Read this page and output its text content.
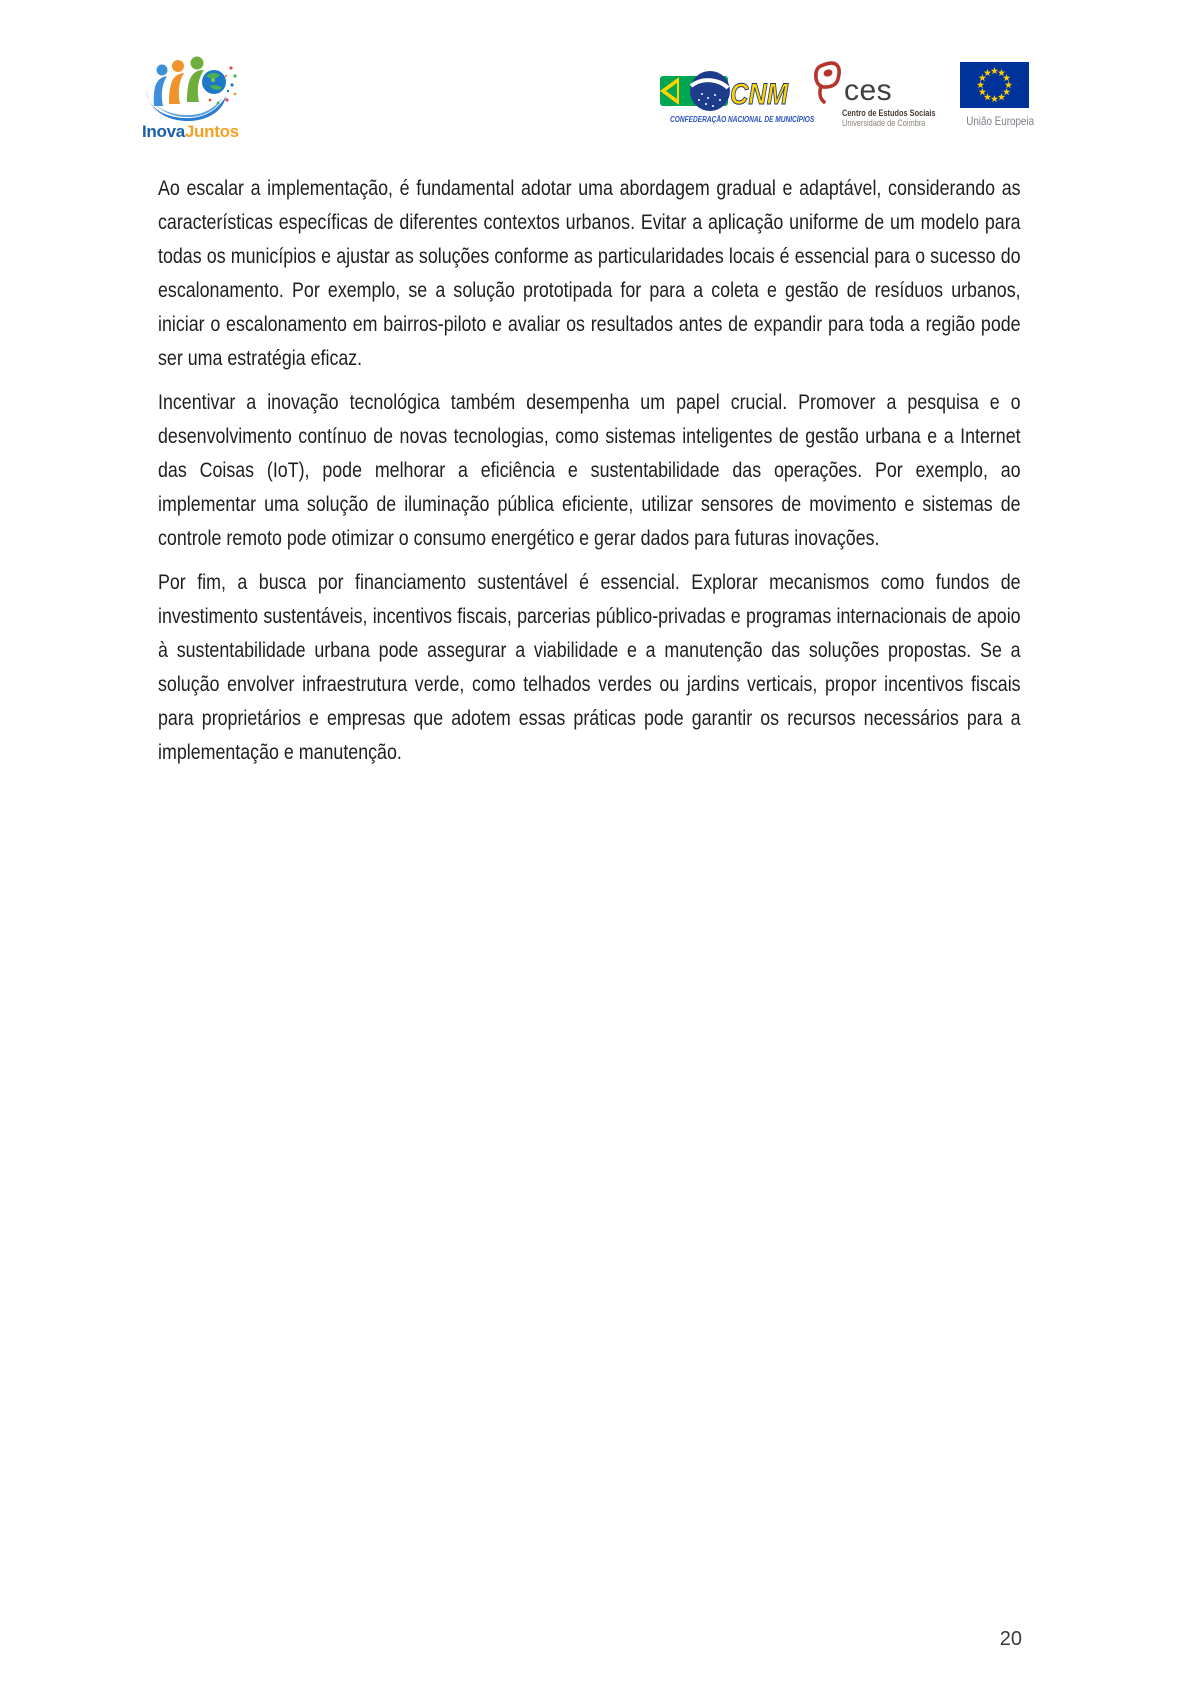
InovaJuntos
CNM
CONFEDERAÇÃO NACIONAL DE MUNICÍPIOS
ces
Centro de Estudos Sociais
Universidade de Coimbra	União Europeia

Ao escalar a implementação, é fundamental adotar uma abordagem gradual e adaptável, considerando as características específicas de diferentes contextos urbanos. Evitar a aplicação uniforme de um modelo para todas os municípios e ajustar as soluções conforme as particularidades locais é essencial para o sucesso do escalonamento. Por exemplo, se a solução prototipada for para a coleta e gestão de resíduos urbanos, iniciar o escalonamento em bairros-piloto e avaliar os resultados antes de expandir para toda a região pode ser uma estratégia eficaz.

Incentivar a inovação tecnológica também desempenha um papel crucial. Promover a pesquisa e o desenvolvimento contínuo de novas tecnologias, como sistemas inteligentes de gestão urbana e a Internet das Coisas (IoT), pode melhorar a eficiência e sustentabilidade das operações. Por exemplo, ao implementar uma solução de iluminação pública eficiente, utilizar sensores de movimento e sistemas de controle remoto pode otimizar o consumo energético e gerar dados para futuras inovações.

Por fim, a busca por financiamento sustentável é essencial. Explorar mecanismos como fundos de investimento sustentáveis, incentivos fiscais, parcerias público-privadas e programas internacionais de apoio à sustentabilidade urbana pode assegurar a viabilidade e a manutenção das soluções propostas. Se a solução envolver infraestrutura verde, como telhados verdes ou jardins verticais, propor incentivos fiscais para proprietários e empresas que adotem essas práticas pode garantir os recursos necessários para a implementação e manutenção.

20
